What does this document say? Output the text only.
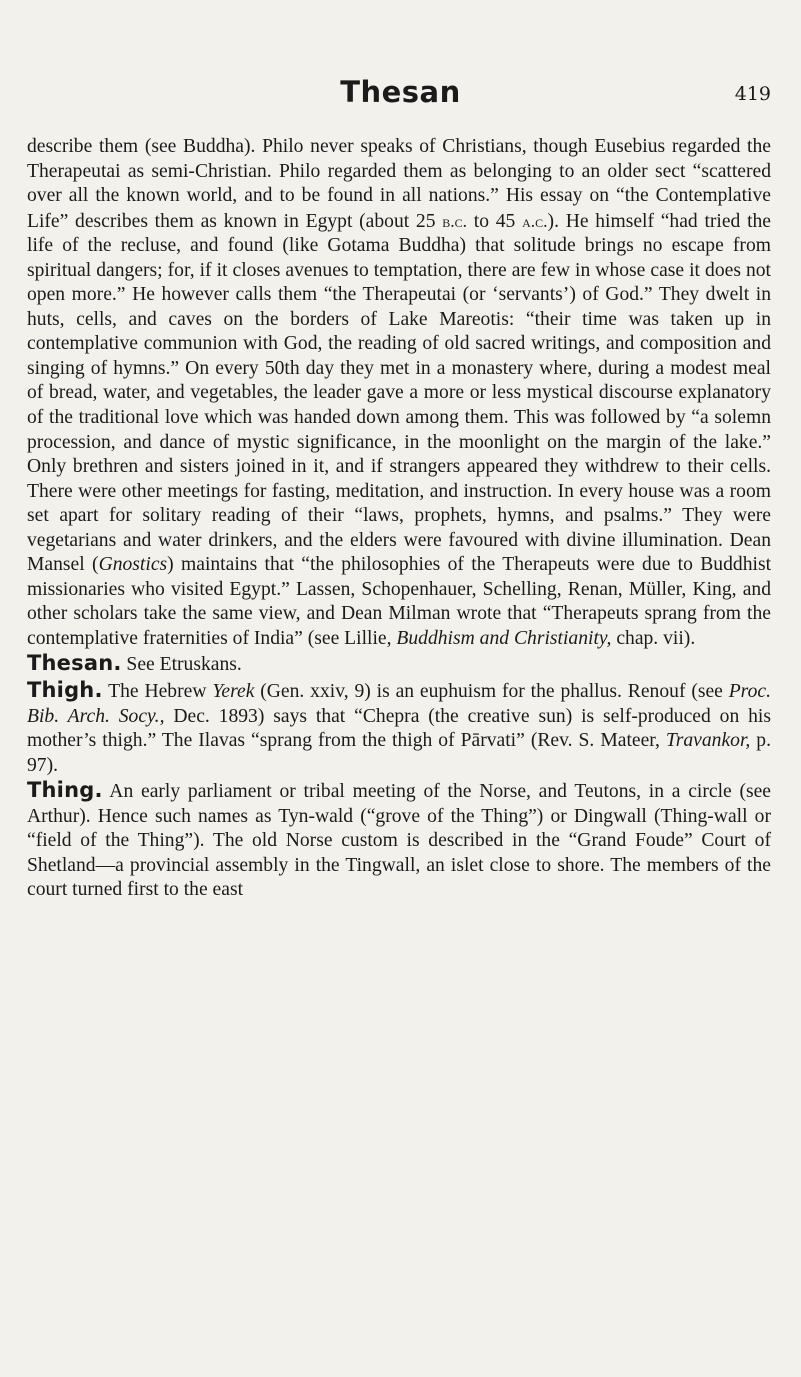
Thesan	419

describe them (see Buddha). Philo never speaks of Christians, though Eusebius regarded the Therapeutai as semi-Christian. Philo regarded them as belonging to an older sect “scattered over all the known world, and to be found in all nations.” His essay on “the Contemplative Life” describes them as known in Egypt (about 25 b.c. to 45 a.c.). He himself “had tried the life of the recluse, and found (like Gotama Buddha) that solitude brings no escape from spiritual dangers; for, if it closes avenues to temptation, there are few in whose case it does not open more.” He however calls them “the Therapeutai (or ‘servants’) of God.” They dwelt in huts, cells, and caves on the borders of Lake Mareotis: “their time was taken up in contemplative communion with God, the reading of old sacred writings, and composition and singing of hymns.” On every 50th day they met in a monastery where, during a modest meal of bread, water, and vegetables, the leader gave a more or less mystical discourse explanatory of the traditional love which was handed down among them. This was followed by “a solemn procession, and dance of mystic significance, in the moonlight on the margin of the lake.” Only brethren and sisters joined in it, and if strangers appeared they withdrew to their cells. There were other meetings for fasting, meditation, and instruction. In every house was a room set apart for solitary reading of their “laws, prophets, hymns, and psalms.” They were vegetarians and water drinkers, and the elders were favoured with divine illumination. Dean Mansel (Gnostics) maintains that “the philosophies of the Therapeuts were due to Buddhist missionaries who visited Egypt.” Lassen, Schopenhauer, Schelling, Renan, Müller, King, and other scholars take the same view, and Dean Milman wrote that “Therapeuts sprang from the contemplative fraternities of India” (see Lillie, Buddhism and Christianity, chap. vii).

Thesan. See Etruskans.

Thigh. The Hebrew Yerek (Gen. xxiv, 9) is an euphuism for the phallus. Renouf (see Proc. Bib. Arch. Socy., Dec. 1893) says that “Chepra (the creative sun) is self-produced on his mother’s thigh.” The Ilavas “sprang from the thigh of Pārvati” (Rev. S. Mateer, Travankor, p. 97).

Thing. An early parliament or tribal meeting of the Norse, and Teutons, in a circle (see Arthur). Hence such names as Tyn-wald (“grove of the Thing”) or Dingwall (Thing-wall or “field of the Thing”). The old Norse custom is described in the “Grand Foude” Court of Shetland—a provincial assembly in the Tingwall, an islet close to shore. The members of the court turned first to the east
